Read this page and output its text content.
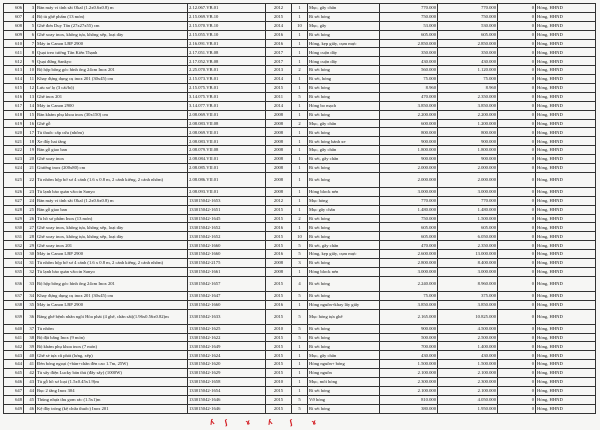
606	3	Bàn máy vi tính sắt Okal (1.2x0.6x0.8) m	2.12.067.VB.01	2012	1	Mục, gãy chân	770.000	770.000	0	Hỏng, HHND
607	4	Bộ tủ ghế phẩm (13 món)	2.15.069.VB.10	2015	1	Rỉ sét hỏng	750.000	750.000	0	Hỏng, HHND
608	5	Ghế đơn Duy Tân (27x27x55) cm	2.15.070.VB.10	2014	10	Mục, gãy	53.000	530.000	0	Hỏng, HHND
609	6	Ghế xoay inox, không tựa, không xếp, loại dày	2.15.055.VB.10	2016	1	Rỉ sét hỏng	605.000	605.000	0	Hỏng, HHND
610	7	Máy in Canon LBP 2900	2.16.091.VB.01	2016	1	Hỏng, kẹp giấy, cụm mực	2.850.000	2.850.000	0	Hỏng, HHND
611	8	Quạt treo tường Tân Kiến Thạnh	2.17.051.VB.08	2017	1	Hỏng cuộn dây	350.000	350.000	0	Hỏng, HHND
612	9	Quạt đứng Sankyo	2.17.052.VB.08	2017	1	Hỏng cuộn dây	430.000	430.000	0	Hỏng, HHND
613	10	Bộ hộp bông góc hình ống 24cm Inox 201	2.25.070.VB.01	2013	2	Rỉ sét hỏng	560.000	1.120.000	0	Hỏng, HHND
614	11	Khay đựng dụng cụ inox 201 (30x45) cm	2.15.073.VB.01	2014	1	Rỉ sét, hỏng	75.000	75.000	0	Hỏng, HHND
615	12	Lưu xơ lọ (3 cái/bộ)	2.15.075.VB.01	2015	1	Rỉ sét hỏng	8.960	8.960	0	Hỏng, HHND
616	13	Ghế inox 201	3.14.075.VB.01	2011	5	Rỉ sét hỏng	470.000	2.350.000	0	Hỏng, HHND
617	14	Máy in Canon 2900	3.14.077.VB.01	2014	1	Hỏng bo mạch	3.850.000	3.850.000	0	Hỏng, HHND
618	15	Bàn khám phụ khoa inox (30x150) cm	2.08.069.VII.01	2008	1	Rỉ sét hỏng	2.200.000	2.200.000	0	Hỏng, HHND
619	16	Ghế gỗ	2.08.083.VII.08	2008	2	Mục, gãy chân	600.000	1.200.000	0	Hỏng, HHND
620	17	Tủ thuốc cấp cứu (nhôm)	2.08.069.VII.01	2008	1	Rỉ sét hỏng	800.000	800.000	0	Hỏng, HHND
621	18	Xe đẩy hai tầng	2.08.083.VII.01	2008	1	Rỉ sét hỏng bánh xe	900.000	900.000	0	Hỏng, HHND
622	19	Bàn gỗ giao ban	2.08.079.VII.08	2008	1	Mục, gãy chân	1.800.000	1.800.000	0	Hỏng, HHND
623	20	Ghế xoay inox	2.08.084.VII.01	2008	1	Rỉ sét, gãy chân	900.000	900.000	0	Hỏng, HHND
624	21	Giường inox (200x80) cm	2.08.085.VII.01	2008	1	Rỉ sét hỏng	2.000.000	2.000.000	0	Hỏng, HHND
625	22	Tủ nhôm hộp bờ sơ 4 cánh (1.6 x 0.8 m, 2 cánh kiếng, 2 cánh nhôm)	2.08.086.VII.01	2008	1	Rỉ sét hỏng	2.000.000	2.000.000	0	Hỏng, HHND
626	23	Tủ lạnh bảo quản vắccin Sanyo	2.08.093.VII.01	2008	1	Hỏng block nén	3.000.000	3.000.000	0	Hỏng, HHND
627	24	Bàn máy vi tính sắt Okal (1.2x0.6x0.8) m	133015042-1653	2012	1	Mục hỏng	770.000	770.000	0	Hỏng, HHND
628	25	Bàn gỗ giao ban	133015042-1651	2015	1	Mục gãy chân	1.480.000	1.480.000	0	Hỏng, HHND
629	26	Tủ hồ sơ phẩm Inox (13 món)	133015042-1645	2015	2	Rỉ sét hỏng	750.000	1.500.000	0	Hỏng, HHND
630	27	Ghế xoay inox, không tựa, không xếp, loại dày	133015042-1652	2016	1	Rỉ sét hỏng	605.000	605.000	0	Hỏng, HHND
631	28	Ghế xoay inox, không tựa, không xếp, loại dày	133015042-1652	2015	10	Rỉ sét hỏng	605.000	6.050.000	0	Hỏng, HHND
632	29	Ghế xoay inox 201	133015042-1660	2015	5	Rỉ sét, gãy chân	470.000	2.350.000	0	Hỏng, HHND
633	30	Máy in Canon LBP 2900	133015042-1660	2016	5	Hỏng, kẹp giấy, cụm mực	2.600.000	13.000.000	0	Hỏng, HHND
634	31	Tủ nhôm hộp bờ sơ 4 cánh (1.6 x 0.8 m, 2 cánh kiếng, 2 cánh nhôm)	133015042-2175	2008	3	Rỉ sét hỏng	2.800.000	8.400.000	0	Hỏng, HHND
635	32	Tủ lạnh bảo quản vắccin Sanyo	133015042-1661	2008	1	Hỏng block nén	3.000.000	3.000.000	0	Hỏng, HHND
636	33	Bộ hộp bông góc hình ống 24cm Inox 201	133015042-1657	2015	4	Rỉ sét hỏng	2.240.000	8.960.000	0	Hỏng, HHND
637	34	Khay đựng dụng cụ inox 201 (30x45) cm	133015042-1647	2015	5	Rỉ sét hỏng	75.000	375.000	0	Hỏng, HHND
638	35	Máy in Canon LBP 2900	133015042-1660	2016	1	Hỏng nguồn+khay lấy giấy	3.850.000	3.850.000	0	Hỏng, HHND
639	36	Băng ghế bệnh nhân ngồi Hòa phát (4 ghế, chân sắt)(1.96x0.56x0.82)m	133015042-1633	2015	5	Mục hỏng tựa ghế	2.165.000	10.825.000	0	Hỏng, HHND
640	37	Tủ nhôm	133015042-1625	2010	5	Rỉ sét hỏng	900.000	4.500.000	0	Hỏng, HHND
641	38	Bộ đặt bằng Inox (9 món)	133015042-1622	2015	5	Rỉ sét hỏng	500.000	2.500.000	0	Hỏng, HHND
642	39	Bộ khám phụ khoa inox (7 món)	133015042-1649	2015	1	Rỉ sét hỏng	700.000	1.400.000	0	Hỏng, HHND
643	40	Ghế sẻ tựa cũ phát (lưng, xếp)	133015042-1624	2015	1	Mục, gãy chân	430.000	430.000	0	Hỏng, HHND
644	41	Đèn bóng ngoại (+bàn+chân đèn cao 1.7m, 25W)	133015042-1620	2015	1	Hỏng nguồn+ bóng	1.500.000	1.500.000	0	Hỏng, HHND
645	42	Tủ sấy điện Lucky bán thủ (đãy sấy) (1000W)	133015042-1629	2015	1	Hỏng nguồn	2.100.000	2.100.000	0	Hỏng, HHND
646	43	Tủ gỗ hồ sơ loại (1.5x0.45x1.9)m	133015042-1658	2010	1	Mục, mối hỏng	2.300.000	2.300.000	0	Hỏng, HHND
647	44	Bục 2 tầng Inox 304	133015042-1654	2015	1	Rỉ sét hỏng	2.100.000	2.100.000	0	Hỏng, HHND
648	45	Thùng nhựa thu gom rác (1.5x1)m	133015042-1646	2015	5	Vỡ hỏng	810.000	4.050.000	0	Hỏng, HHND
649	46	Kệ đầy tròng (kệ chứa thuốc) Inox 201	133015042-1646	2015	5	Rỉ sét hỏng	380.000	1.950.000	0	Hỏng, HHND
ʎ	ʃ	ɤ	ʎ	ʃ	ɤ
